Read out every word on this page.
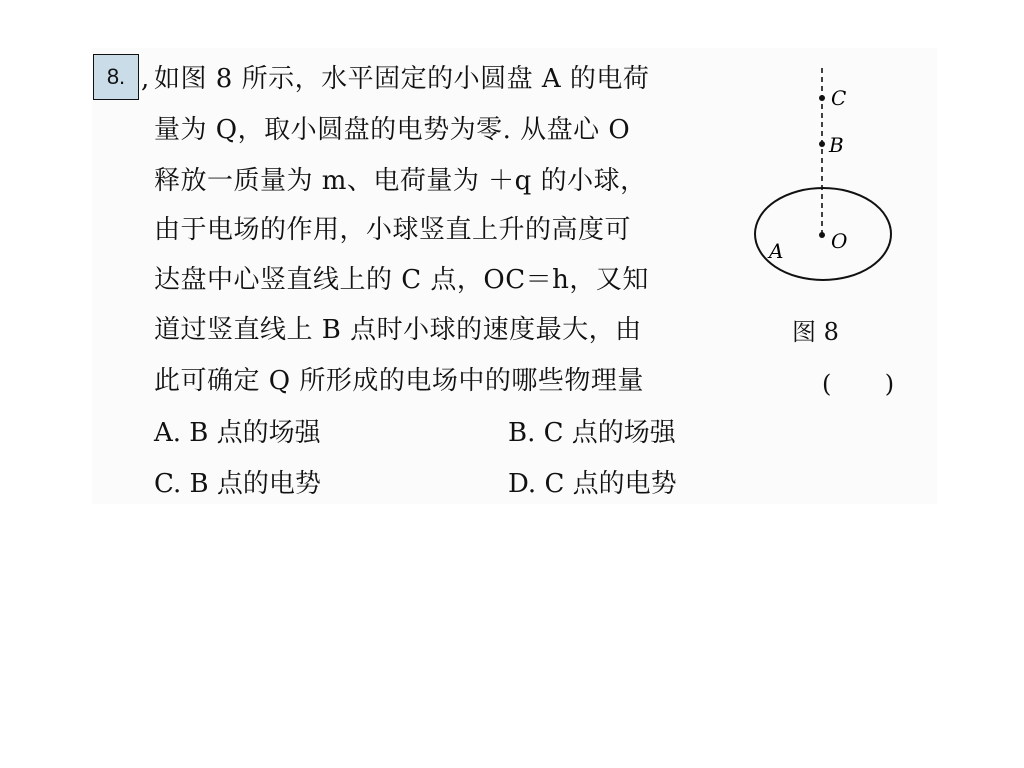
8. , 如图 8 所示，水平固定的小圆盘 A 的电荷
量为 Q，取小圆盘的电势为零. 从盘心 O
释放一质量为 m、电荷量为 ＋q 的小球，
由于电场的作用，小球竖直上升的高度可
达盘中心竖直线上的 C 点，OC＝h，又知
道过竖直线上 B 点时小球的速度最大，由
此可确定 Q 所形成的电场中的哪些物理量	(       )
A. B 点的场强	B. C 点的场强
C. B 点的电势	D. C 点的电势
C
B
O
A
图 8
